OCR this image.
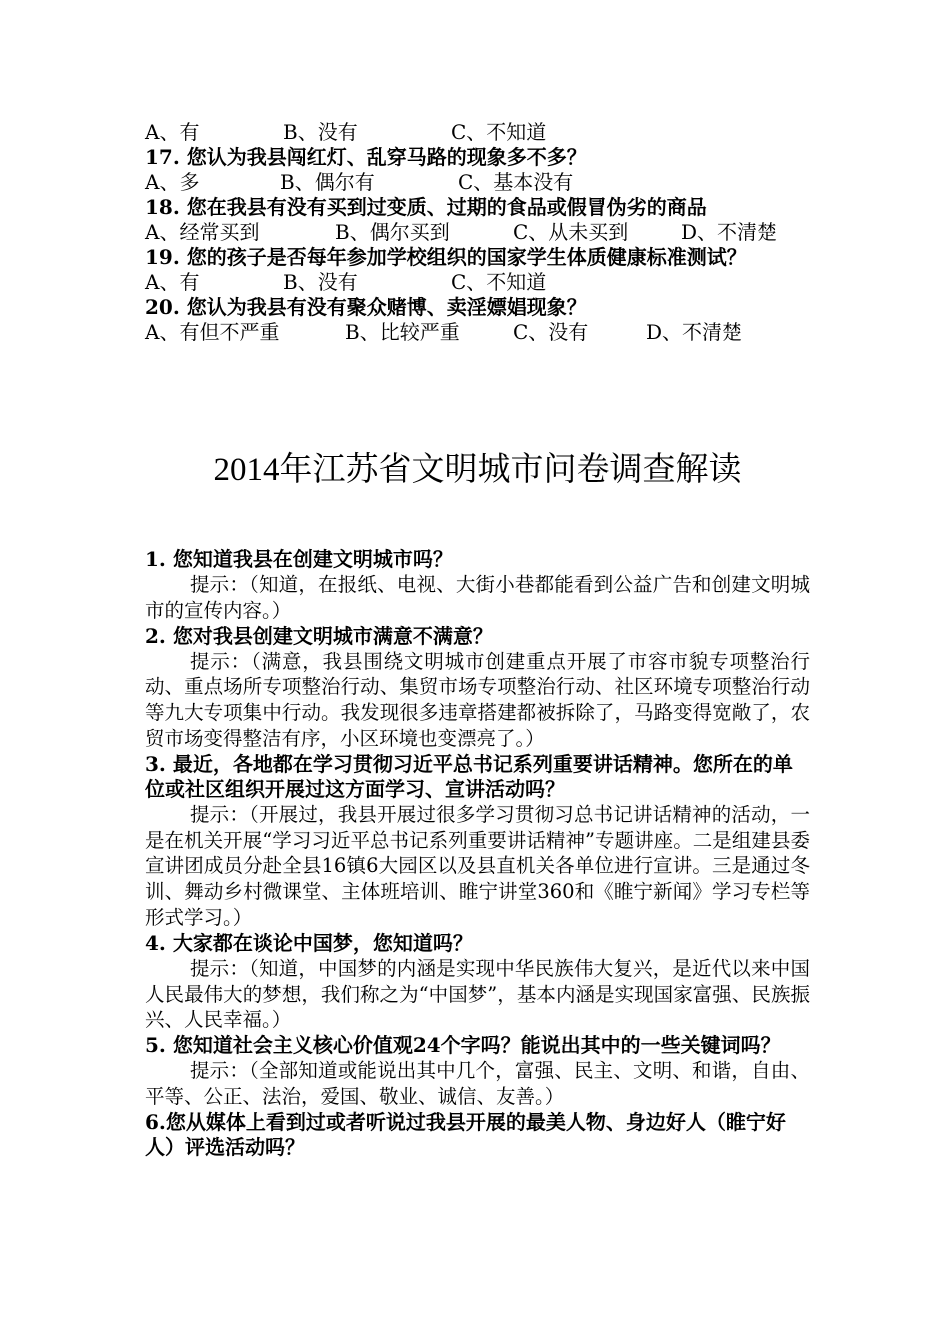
A、有	B、没有	C、不知道

17. 您认为我县闯红灯、乱穿马路的现象多不多？

A、多	B、偶尔有	C、基本没有

18. 您在我县有没有买到过变质、过期的食品或假冒伪劣的商品

A、经常买到	B、偶尔买到	C、从未买到	D、不清楚

19. 您的孩子是否每年参加学校组织的国家学生体质健康标准测试？

A、有	B、没有	C、不知道

20. 您认为我县有没有聚众赌博、卖淫嫖娼现象？

A、有但不严重	B、比较严重	C、没有	D、不清楚

2014年江苏省文明城市问卷调查解读

1. 您知道我县在创建文明城市吗？

提示：（知道，在报纸、电视、大街小巷都能看到公益广告和创建文明城市的宣传内容。）

2. 您对我县创建文明城市满意不满意？

提示：（满意，我县围绕文明城市创建重点开展了市容市貌专项整治行动、重点场所专项整治行动、集贸市场专项整治行动、社区环境专项整治行动等九大专项集中行动。我发现很多违章搭建都被拆除了，马路变得宽敞了，农贸市场变得整洁有序，小区环境也变漂亮了。）

3. 最近，各地都在学习贯彻习近平总书记系列重要讲话精神。您所在的单位或社区组织开展过这方面学习、宣讲活动吗？

提示：（开展过，我县开展过很多学习贯彻习总书记讲话精神的活动，一是在机关开展“学习习近平总书记系列重要讲话精神”专题讲座。二是组建县委宣讲团成员分赴全县16镇6大园区以及县直机关各单位进行宣讲。三是通过冬训、舞动乡村微课堂、主体班培训、睢宁讲堂360和《睢宁新闻》学习专栏等形式学习。）

4. 大家都在谈论中国梦，您知道吗？

提示：（知道，中国梦的内涵是实现中华民族伟大复兴，是近代以来中国人民最伟大的梦想，我们称之为“中国梦”，基本内涵是实现国家富强、民族振兴、人民幸福。）

5. 您知道社会主义核心价值观24个字吗？能说出其中的一些关键词吗？

提示：（全部知道或能说出其中几个，富强、民主、文明、和谐，自由、平等、公正、法治，爱国、敬业、诚信、友善。）

6.您从媒体上看到过或者听说过我县开展的最美人物、身边好人（睢宁好人）评选活动吗？
